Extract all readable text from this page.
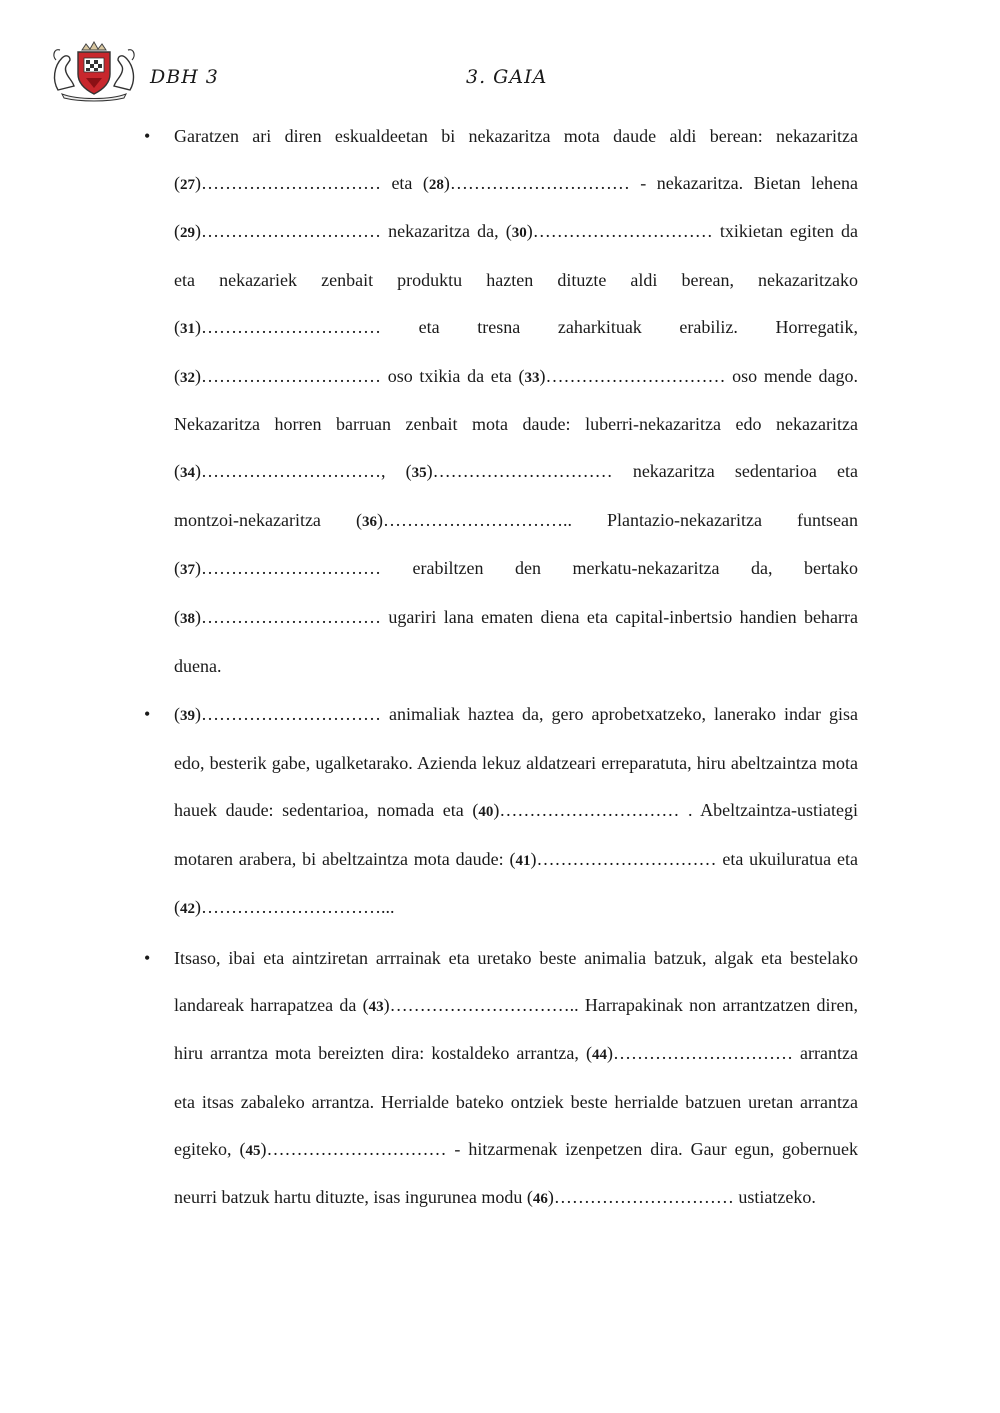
DBH 3	3. GAIA

• Garatzen ari diren eskualdeetan bi nekazaritza mota daude aldi berean: nekazaritza (27)………………………… eta (28)………………………… - nekazaritza. Bietan lehena (29)………………………… nekazaritza da, (30)………………………… txikietan egiten da eta nekazariek zenbait produktu hazten dituzte aldi berean, nekazaritzako (31)………………………… eta tresna zaharkituak erabiliz. Horregatik, (32)………………………… oso txikia da eta (33)………………………… oso mende dago. Nekazaritza horren barruan zenbait mota daude: luberri-nekazaritza edo nekazaritza (34)…………………………, (35)………………………… nekazaritza sedentarioa eta montzoi-nekazaritza (36)………………………….. Plantazio-nekazaritza funtsean (37)………………………… erabiltzen den merkatu-nekazaritza da, bertako (38)………………………… ugariri lana ematen diena eta capital-inbertsio handien beharra duena.

• (39)………………………… animaliak haztea da, gero aprobetxatzeko, lanerako indar gisa edo, besterik gabe, ugalketarako. Azienda lekuz aldatzeari erreparatuta, hiru abeltzaintza mota hauek daude: sedentarioa, nomada eta (40)………………………… . Abeltzaintza-ustiategi motaren arabera, bi abeltzaintza mota daude: (41)………………………… eta ukuiluratua eta (42)…………………………...

• Itsaso, ibai eta aintziretan arrrainak eta uretako beste animalia batzuk, algak eta bestelako landareak harrapatzea da (43)………………………….. Harrapakinak non arrantzatzen diren, hiru arrantza mota bereizten dira: kostaldeko arrantza, (44)………………………… arrantza eta itsas zabaleko arrantza. Herrialde bateko ontziek beste herrialde batzuen uretan arrantza egiteko, (45)………………………… - hitzarmenak izenpetzen dira. Gaur egun, gobernuek neurri batzuk hartu dituzte, isas ingurunea modu (46)………………………… ustiatzeko.
